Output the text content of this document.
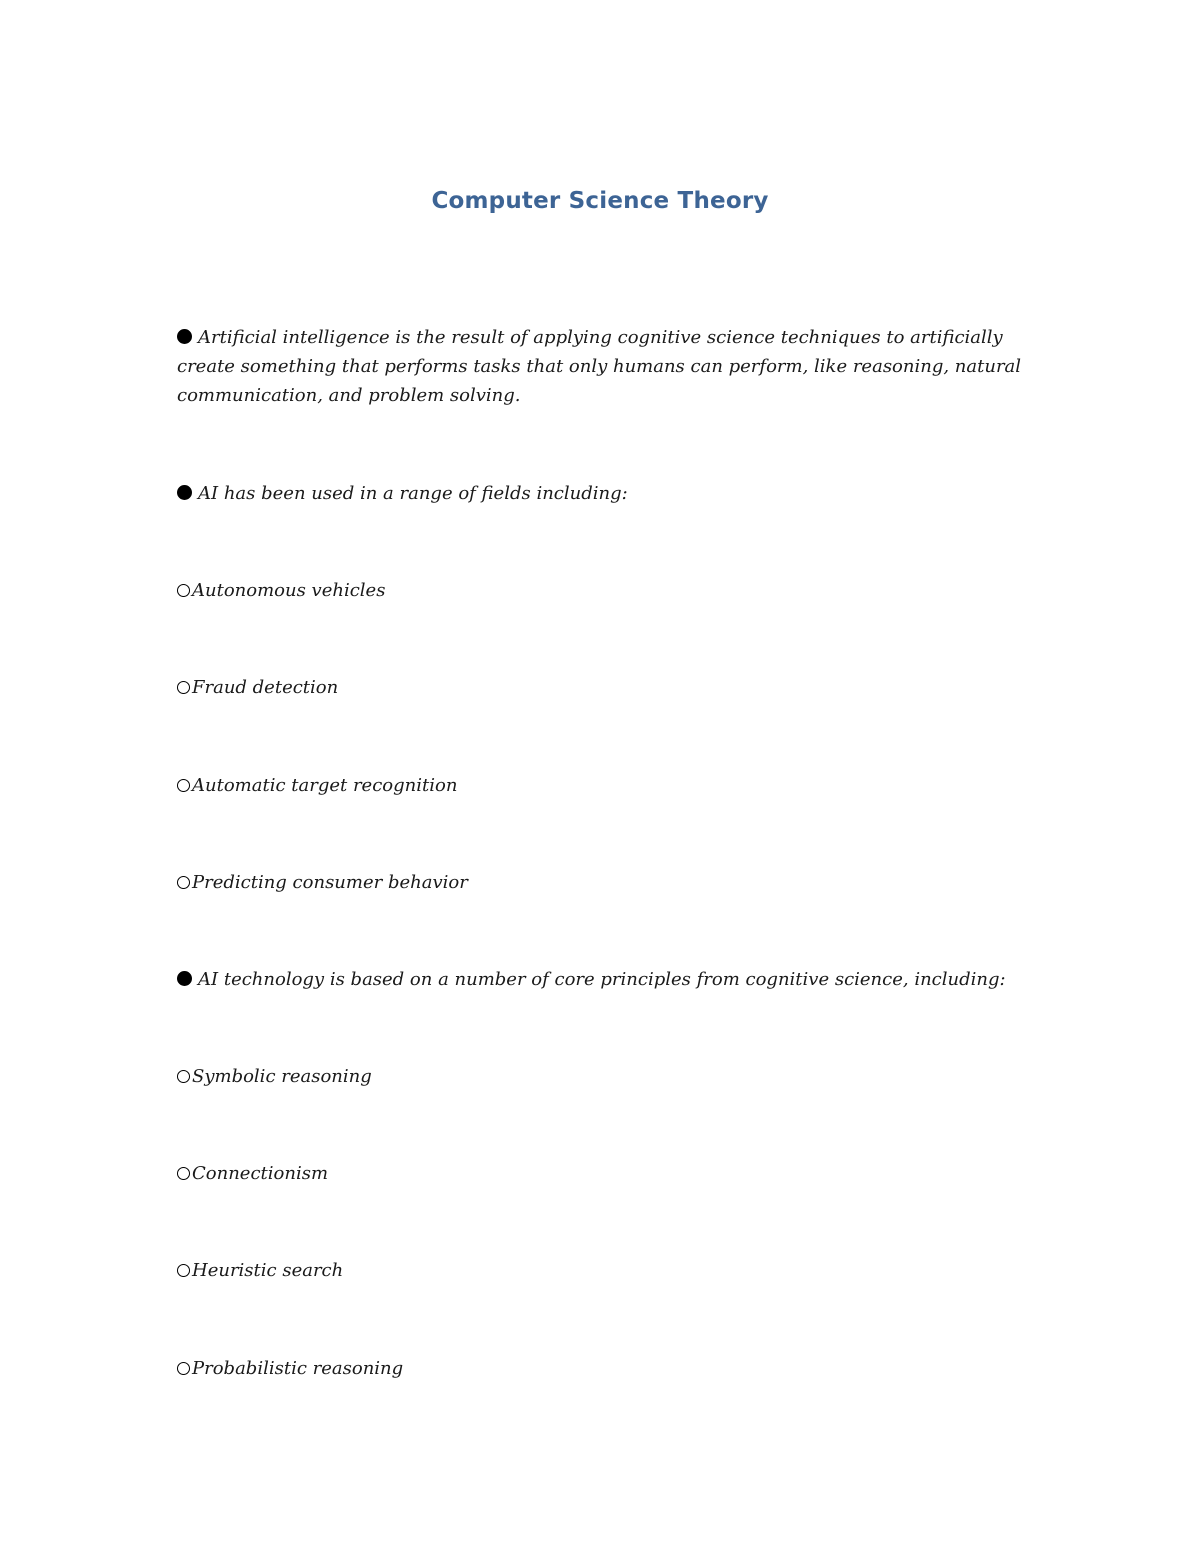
Computer Science Theory
Artificial intelligence is the result of applying cognitive science techniques to artificially
create something that performs tasks that only humans can perform, like reasoning, natural
communication, and problem solving.
AI has been used in a range of fields including:
Autonomous vehicles
Fraud detection
Automatic target recognition
Predicting consumer behavior
AI technology is based on a number of core principles from cognitive science, including:
Symbolic reasoning
Connectionism
Heuristic search
Probabilistic reasoning
